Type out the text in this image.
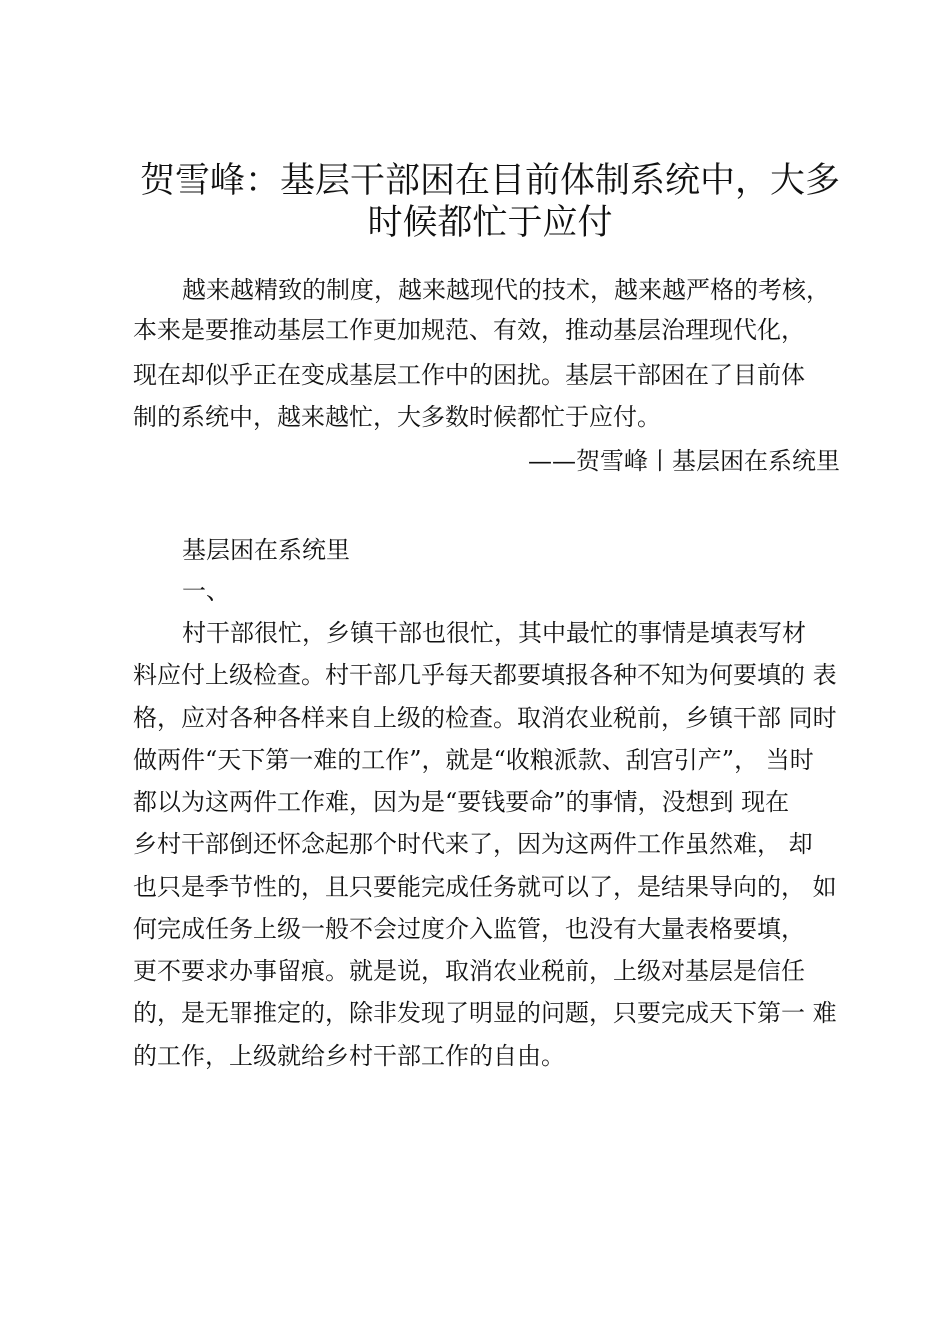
贺雪峰：基层干部困在目前体制系统中，大多
时候都忙于应付
越来越精致的制度，越来越现代的技术，越来越严格的考核，
本来是要推动基层工作更加规范、有效，推动基层治理现代化，
现在却似乎正在变成基层工作中的困扰。基层干部困在了目前体
制的系统中，越来越忙，大多数时候都忙于应付。
——贺雪峰丨基层困在系统里
基层困在系统里
一、
村干部很忙，乡镇干部也很忙，其中最忙的事情是填表写材
料应付上级检查。村干部几乎每天都要填报各种不知为何要填的 表
格，应对各种各样来自上级的检查。取消农业税前，乡镇干部 同时
做两件“天下第一难的工作”，就是“收粮派款、刮宫引产”， 当时
都以为这两件工作难，因为是“要钱要命”的事情，没想到 现在
乡村干部倒还怀念起那个时代来了，因为这两件工作虽然难， 却
也只是季节性的，且只要能完成任务就可以了，是结果导向的， 如
何完成任务上级一般不会过度介入监管，也没有大量表格要填，
更不要求办事留痕。就是说，取消农业税前，上级对基层是信任
的，是无罪推定的，除非发现了明显的问题，只要完成天下第一 难
的工作，上级就给乡村干部工作的自由。
